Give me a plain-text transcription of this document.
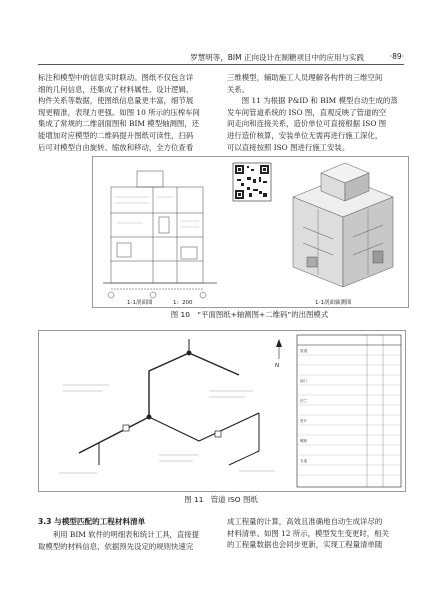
罗慧明等，BIM 正向设计在制糖项目中的应用与实践	·89·

标注和模型中的信息实时联动。图纸不仅包含详

细的几何信息，还集成了材料属性、设计逻辑、

构件关系等数据，使图纸信息量更丰富，细节展

现更精准，表现力更强。如图 10 所示的压榨车间

集成了常规的二维剖面图和 BIM 模型轴测图，还

能增加对应模型的二维码提升图纸可读性，扫码

后可对模型自由旋转、缩放和移动，全方位查看

三维模型，辅助施工人员理解各构件的三维空间

关系。

图 11 为根据 P&ID 和 BIM 模型自动生成的蒸

发车间管道系统的 ISO 图，直观反映了管道的空

间走向和连接关系，造价单位可直接根据 ISO 图

进行造价核算，安装单位无需再进行施工深化，

可以直接按照 ISO 图进行施工安装。

1-1剖面图	1：200	1-1剖面轴测图
图 10　“平面图纸+轴测图+二维码”的出图模式
N
管道
阀门
法兰
垫片
螺栓
支架
图 11　管道 ISO 图纸
3.3 与模型匹配的工程材料清单

利用 BIM 软件的明细表和统计工具，直接提

取模型的材料信息，依据预先设定的规则快速完

成工程量的计算，高效且准确地自动生成详尽的

材料清单。如图 12 所示，模型发生变更时，相关

的工程量数据也会同步更新，实现工程量清单随
